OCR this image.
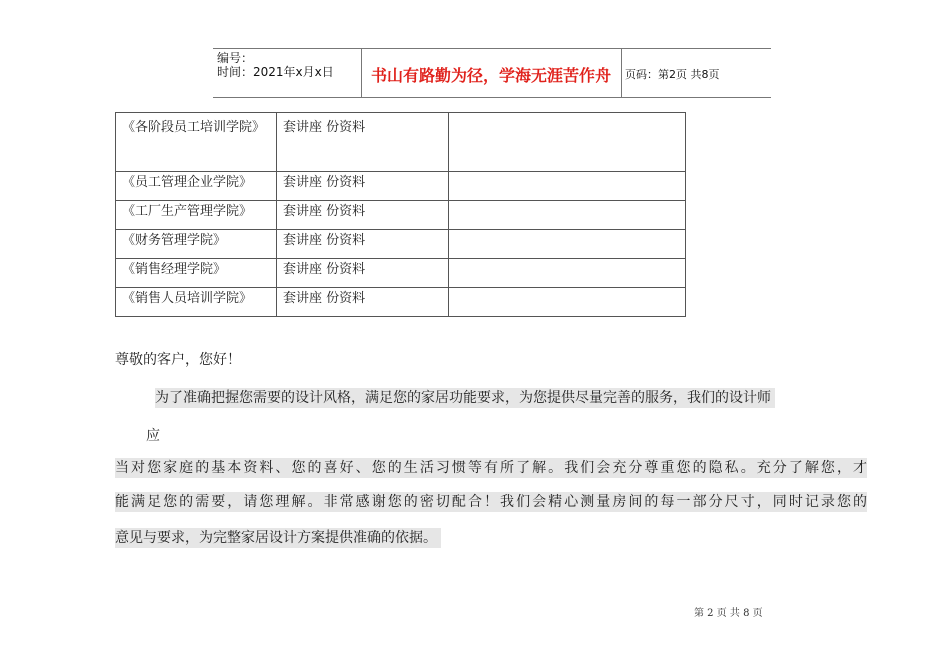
编号：
时间：2021年x月x日	书山有路勤为径，学海无涯苦作舟	页码：第2页 共8页
《各阶段员工培训学院》	套讲座 份资料	
《员工管理企业学院》	套讲座 份资料	
《工厂生产管理学院》	套讲座 份资料	
《财务管理学院》	套讲座 份资料	
《销售经理学院》	套讲座 份资料	
《销售人员培训学院》	套讲座 份资料	
尊敬的客户，您好！
为了准确把握您需要的设计风格，满足您的家居功能要求，为您提供尽量完善的服务，我们的设计师
应
当对您家庭的基本资料、您的喜好、您的生活习惯等有所了解。我们会充分尊重您的隐私。充分了解您，才
能满足您的需要，请您理解。非常感谢您的密切配合！我们会精心测量房间的每一部分尺寸，同时记录您的
意见与要求，为完整家居设计方案提供准确的依据。
第 2 页 共 8 页
